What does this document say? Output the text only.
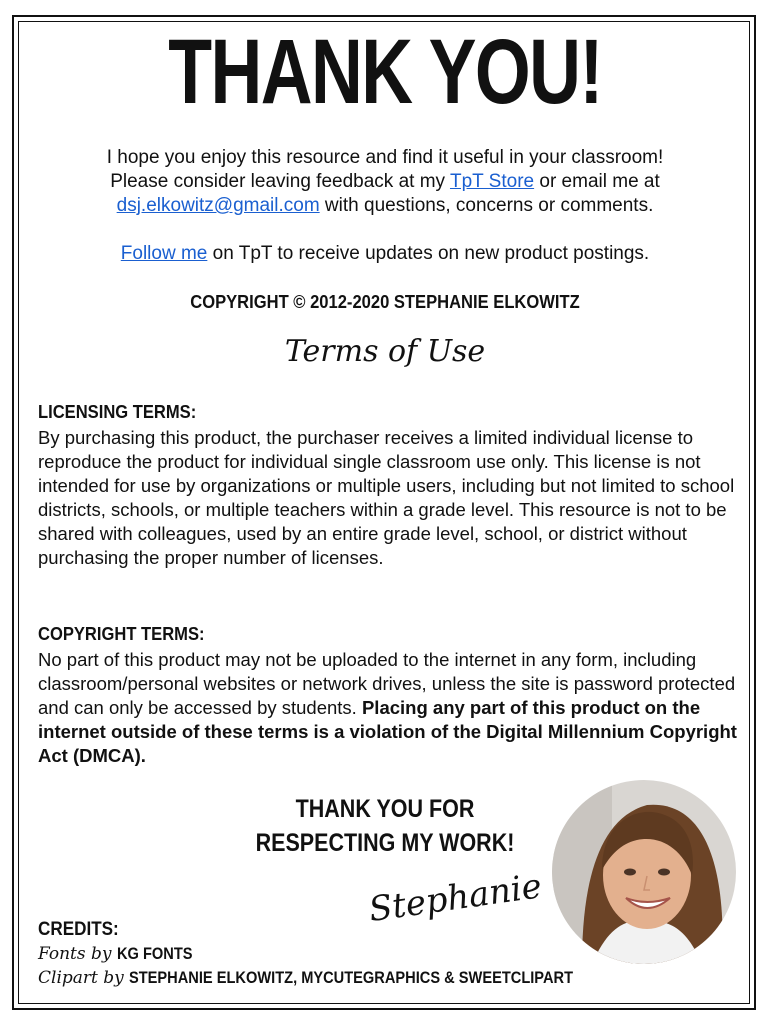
THANK YOU!
I hope you enjoy this resource and find it useful in your classroom!
Please consider leaving feedback at my TpT Store or email me at
dsj.elkowitz@gmail.com with questions, concerns or comments.
Follow me on TpT to receive updates on new product postings.
COPYRIGHT © 2012-2020 STEPHANIE ELKOWITZ
Terms of Use
LICENSING TERMS:
By purchasing this product, the purchaser receives a limited individual license to reproduce the product for individual single classroom use only. This license is not intended for use by organizations or multiple users, including but not limited to school districts, schools, or multiple teachers within a grade level. This resource is not to be shared with colleagues, used by an entire grade level, school, or district without purchasing the proper number of licenses.
COPYRIGHT TERMS:
No part of this product may not be uploaded to the internet in any form, including classroom/personal websites or network drives, unless the site is password protected and can only be accessed by students. Placing any part of this product on the internet outside of these terms is a violation of the Digital Millennium Copyright Act (DMCA).
THANK YOU FOR
RESPECTING MY WORK!
Stephanie
CREDITS:
Fonts by KG FONTS
Clipart by STEPHANIE ELKOWITZ, MYCUTEGRAPHICS & SWEETCLIPART
